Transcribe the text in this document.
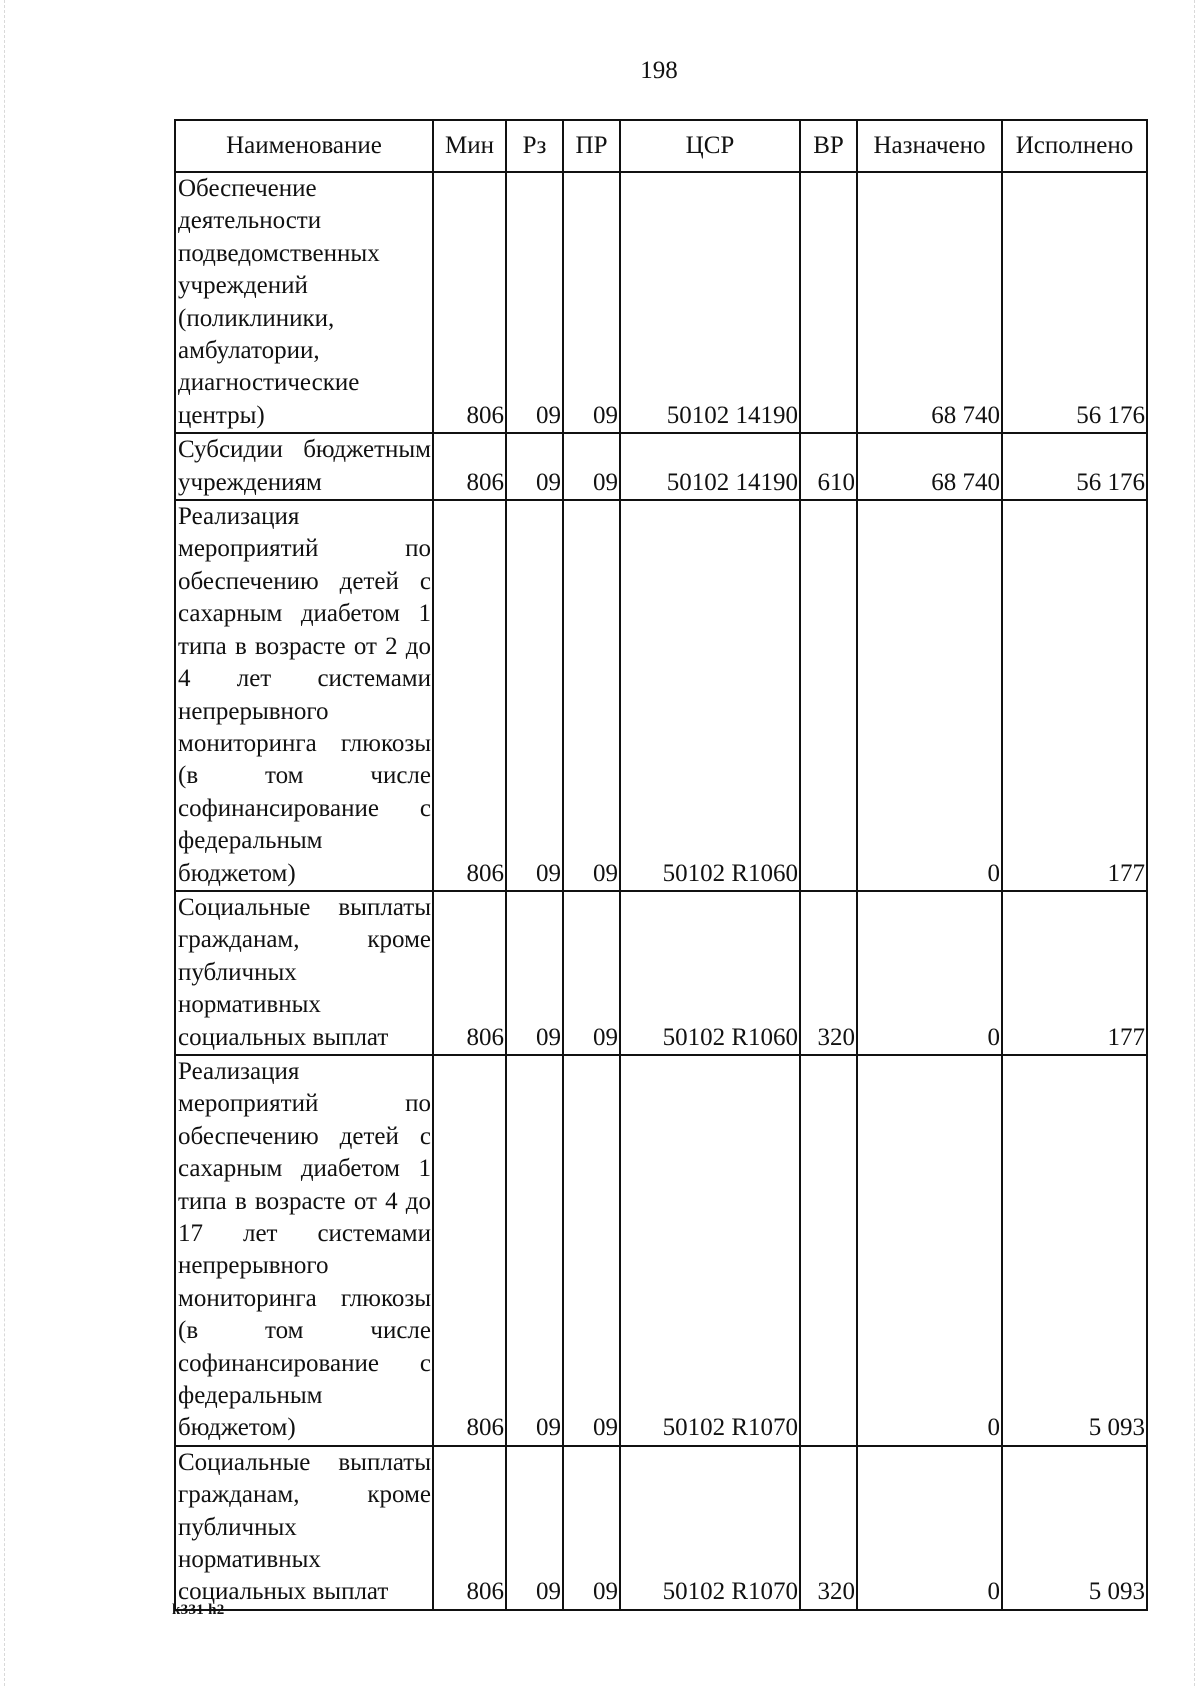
198
Наименование	Мин	Рз	ПР	ЦСР	ВР	Назначено	Исполнено
Обеспечение деятельности подведомственных учреждений (поликлиники, амбулатории, диагностические центры)	806	09	09	50102 14190		68 740	56 176
Субсидии бюджетным учреждениям	806	09	09	50102 14190	610	68 740	56 176
Реализация мероприятий по обеспечению детей с сахарным диабетом 1 типа в возрасте от 2 до 4 лет системами непрерывного мониторинга глюкозы (в том числе софинансирование с федеральным бюджетом)	806	09	09	50102 R1060		0	177
Социальные выплаты гражданам, кроме публичных нормативных социальных выплат	806	09	09	50102 R1060	320	0	177
Реализация мероприятий по обеспечению детей с сахарным диабетом 1 типа в возрасте от 4 до 17 лет системами непрерывного мониторинга глюкозы (в том числе софинансирование с федеральным бюджетом)	806	09	09	50102 R1070		0	5 093
Социальные выплаты гражданам, кроме публичных нормативных социальных выплат	806	09	09	50102 R1070	320	0	5 093
k331 h2
